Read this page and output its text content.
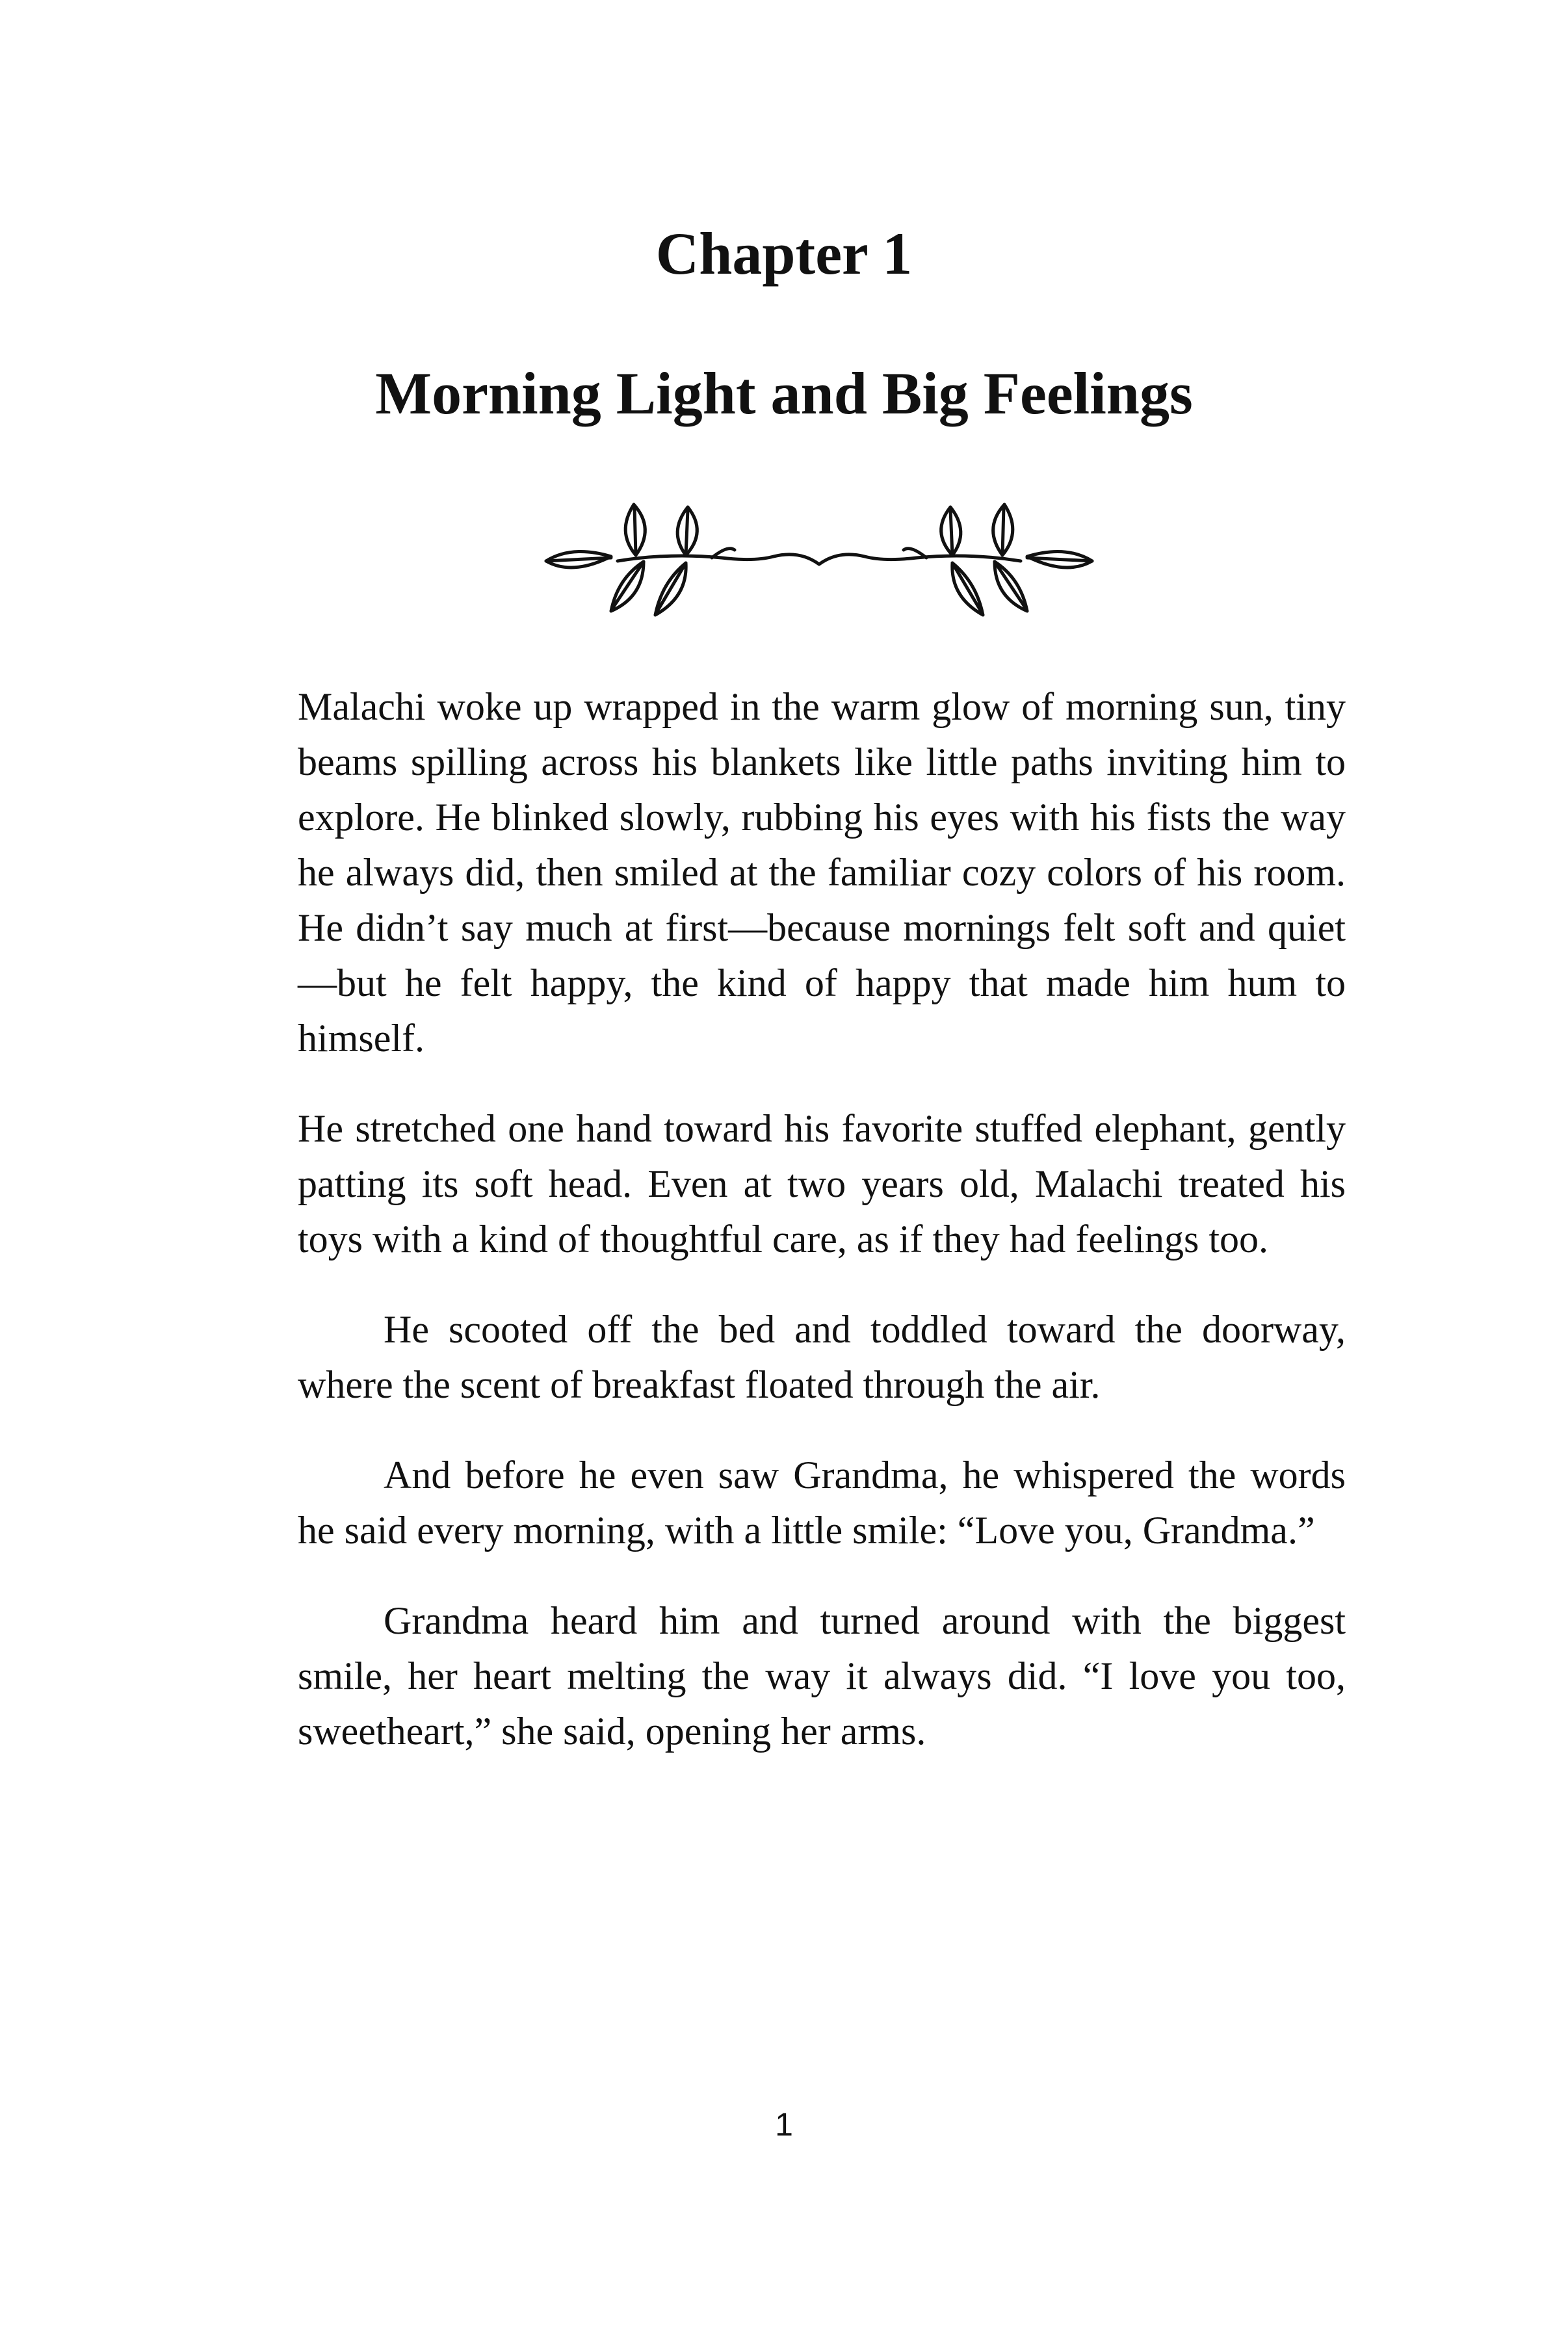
Chapter 1
Morning Light and Big Feelings

Malachi woke up wrapped in the warm glow of morning sun, tiny beams spilling across his blankets like little paths inviting him to explore. He blinked slowly, rubbing his eyes with his fists the way he always did, then smiled at the familiar cozy colors of his room. He didn’t say much at first—because mornings felt soft and quiet—but he felt happy, the kind of happy that made him hum to himself.

He stretched one hand toward his favorite stuffed elephant, gently patting its soft head. Even at two years old, Malachi treated his toys with a kind of thoughtful care, as if they had feelings too.

He scooted off the bed and toddled toward the doorway, where the scent of breakfast floated through the air.

And before he even saw Grandma, he whispered the words he said every morning, with a little smile: “Love you, Grandma.”

Grandma heard him and turned around with the biggest smile, her heart melting the way it always did. “I love you too, sweetheart,” she said, opening her arms.

1
